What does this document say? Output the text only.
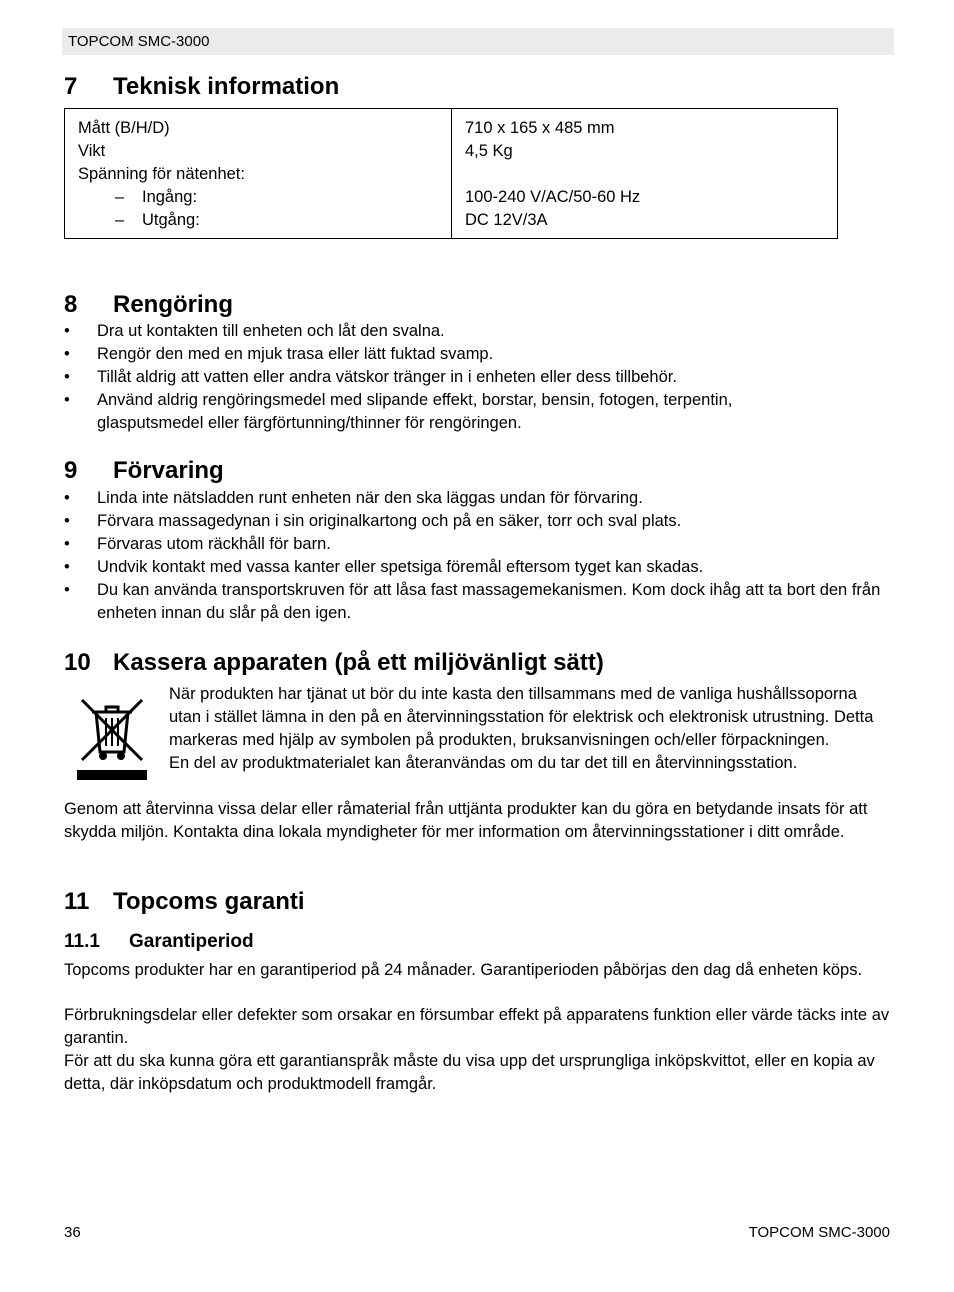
TOPCOM SMC-3000
7 Teknisk information
Mått (B/H/D)
Vikt
Spänning för nätenhet:
– Ingång:
– Utgång:
710 x 165 x 485 mm
4,5 Kg
100-240 V/AC/50-60 Hz
DC 12V/3A
8 Rengöring
• Dra ut kontakten till enheten och låt den svalna.
• Rengör den med en mjuk trasa eller lätt fuktad svamp.
• Tillåt aldrig att vatten eller andra vätskor tränger in i enheten eller dess tillbehör.
• Använd aldrig rengöringsmedel med slipande effekt, borstar, bensin, fotogen, terpentin, glasputsmedel eller färgförtunning/thinner för rengöringen.
9 Förvaring
• Linda inte nätsladden runt enheten när den ska läggas undan för förvaring.
• Förvara massagedynan i sin originalkartong och på en säker, torr och sval plats.
• Förvaras utom räckhåll för barn.
• Undvik kontakt med vassa kanter eller spetsiga föremål eftersom tyget kan skadas.
• Du kan använda transportskruven för att låsa fast massagemekanismen. Kom dock ihåg att ta bort den från enheten innan du slår på den igen.
10 Kassera apparaten (på ett miljövänligt sätt)

När produkten har tjänat ut bör du inte kasta den tillsammans med de vanliga hushållssoporna utan i stället lämna in den på en återvinningsstation för elektrisk och elektronisk utrustning. Detta markeras med hjälp av symbolen på produkten, bruksanvisningen och/eller förpackningen.
En del av produktmaterialet kan återanvändas om du tar det till en återvinningsstation.

Genom att återvinna vissa delar eller råmaterial från uttjänta produkter kan du göra en betydande insats för att skydda miljön. Kontakta dina lokala myndigheter för mer information om återvinningsstationer i ditt område.

11 Topcoms garanti
11.1 Garantiperiod

Topcoms produkter har en garantiperiod på 24 månader. Garantiperioden påbörjas den dag då enheten köps.

Förbrukningsdelar eller defekter som orsakar en försumbar effekt på apparatens funktion eller värde täcks inte av garantin.

För att du ska kunna göra ett garantianspråk måste du visa upp det ursprungliga inköpskvittot, eller en kopia av detta, där inköpsdatum och produktmodell framgår.

36	TOPCOM SMC-3000
